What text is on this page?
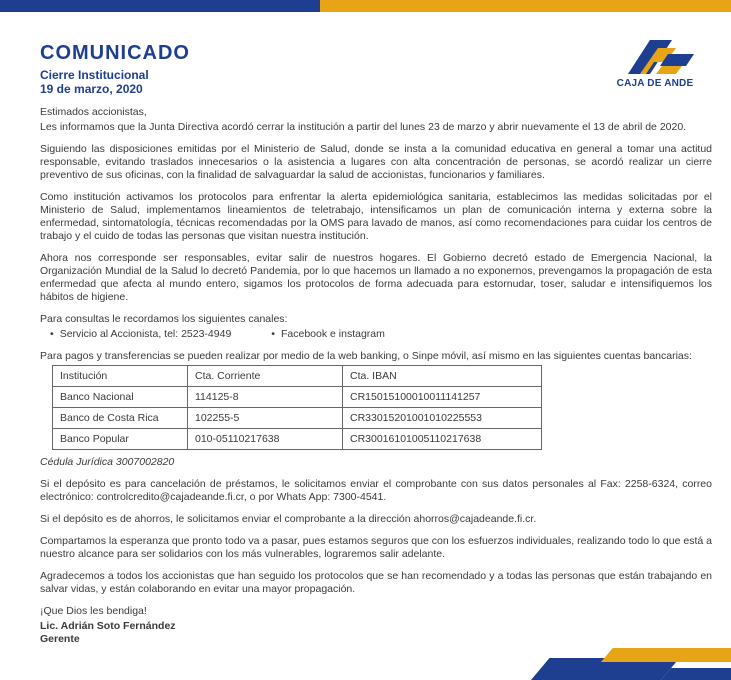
COMUNICADO
Cierre Institucional
19 de marzo, 2020	CAJA DE ANDE

Estimados accionistas,

Les informamos que la Junta Directiva acordó cerrar la institución a partir del lunes 23 de marzo y abrir nuevamente el 13 de abril de 2020.

Siguiendo las disposiciones emitidas por el Ministerio de Salud, donde se insta a la comunidad educativa en general a tomar una actitud responsable, evitando traslados innecesarios o la asistencia a lugares con alta concentración de personas, se acordó realizar un cierre preventivo de sus oficinas, con la finalidad de salvaguardar la salud de accionistas, funcionarios y familiares.

Como institución activamos los protocolos para enfrentar la alerta epidemiológica sanitaria, establecimos las medidas solicitadas por el Ministerio de Salud, implementamos lineamientos de teletrabajo, intensificamos un plan de comunicación interna y externa sobre la enfermedad, sintomatología, técnicas recomendadas por la OMS para lavado de manos, así como recomendaciones para cuidar los centros de trabajo y el cuido de todas las personas que visitan nuestra institución.

Ahora nos corresponde ser responsables, evitar salir de nuestros hogares. El Gobierno decretó estado de Emergencia Nacional, la Organización Mundial de la Salud lo decretó Pandemia, por lo que hacemos un llamado a no exponernos, prevengamos la propagación de esta enfermedad que afecta al mundo entero, sigamos los protocolos de forma adecuada para estornudar, toser, saludar e intensifiquemos los hábitos de higiene.

Para consultas le recordamos los siguientes canales:

• Servicio al Accionista, tel: 2523-4949	• Facebook e instagram

Para pagos y transferencias se pueden realizar por medio de la web banking, o Sinpe móvil, así mismo en las siguientes cuentas bancarias:

Institución	Cta. Corriente	Cta. IBAN
Banco Nacional	114125-8	CR15015100010011141257
Banco de Costa Rica	102255-5	CR33015201001010225553
Banco Popular	010-05110217638	CR30016101005110217638

Cédula Jurídica 3007002820

Si el depósito es para cancelación de préstamos, le solicitamos enviar el comprobante con sus datos personales al Fax: 2258-6324, correo electrónico: controlcredito@cajadeande.fi.cr, o por Whats App: 7300-4541.

Si el depósito es de ahorros, le solicitamos enviar el comprobante a la dirección ahorros@cajadeande.fi.cr.

Compartamos la esperanza que pronto todo va a pasar, pues estamos seguros que con los esfuerzos individuales, realizando todo lo que está a nuestro alcance para ser solidarios con los más vulnerables, lograremos salir adelante.

Agradecemos a todos los accionistas que han seguido los protocolos que se han recomendado y a todas las personas que están trabajando en salvar vidas, y están colaborando en evitar una mayor propagación.

¡Que Dios les bendiga!

Lic. Adrián Soto Fernández
Gerente
